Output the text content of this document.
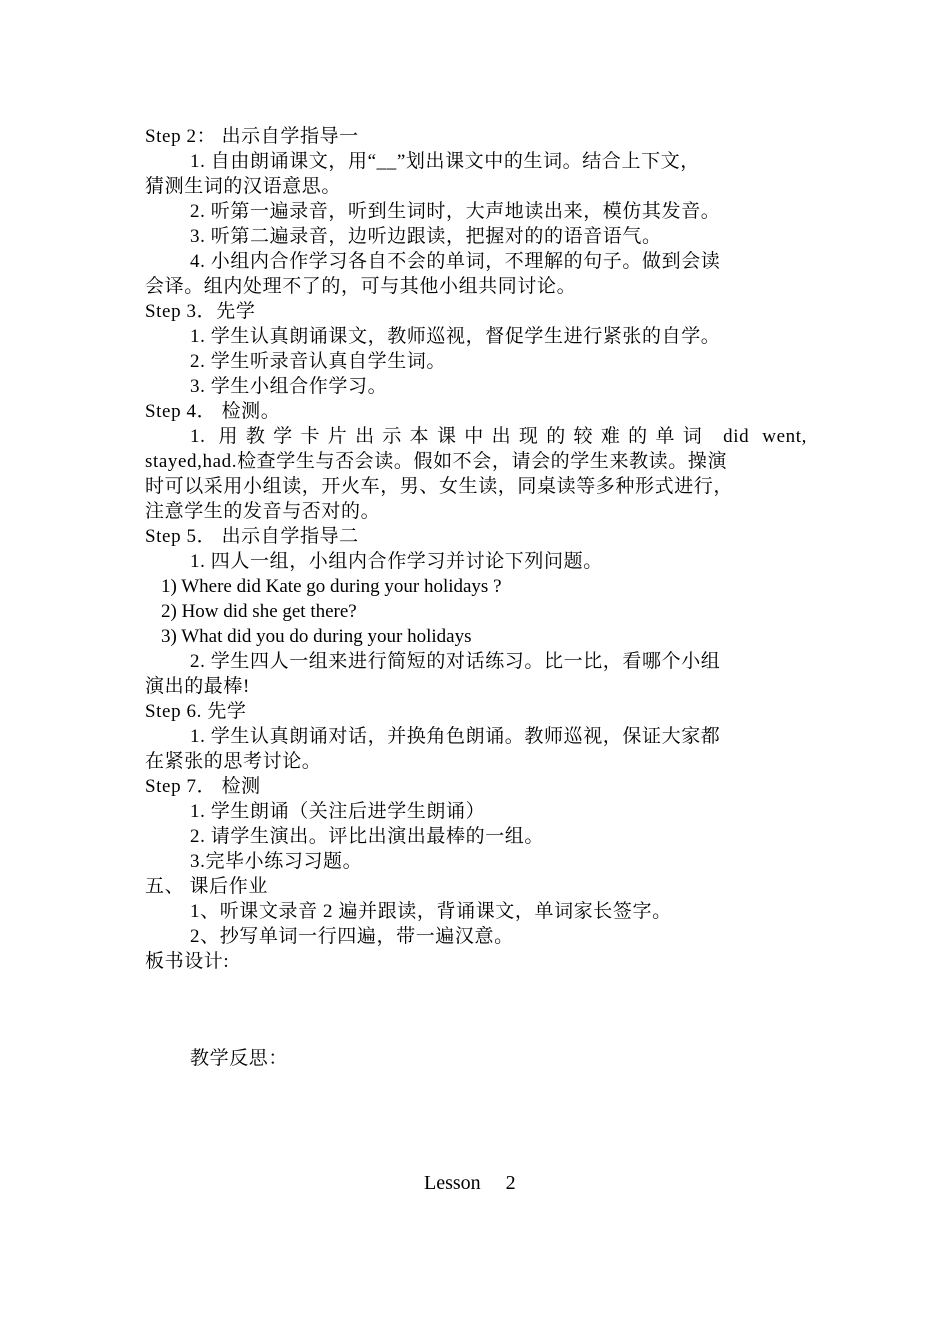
Step 2： 出示自学指导一
1. 自由朗诵课文，用“__”划出课文中的生词。结合上下文，
猜测生词的汉语意思。
2. 听第一遍录音，听到生词时，大声地读出来，模仿其发音。
3. 听第二遍录音，边听边跟读，把握对的的语音语气。
4. 小组内合作学习各自不会的单词，不理解的句子。做到会读
会译。组内处理不了的，可与其他小组共同讨论。
Step 3．先学
1. 学生认真朗诵课文，教师巡视，督促学生进行紧张的自学。
2. 学生听录音认真自学生词。
3. 学生小组合作学习。
Step 4． 检测。
1. 用教学卡片出示本课中出现的较难的单词 did went,
stayed,had.检查学生与否会读。假如不会，请会的学生来教读。操演
时可以采用小组读，开火车，男、女生读，同桌读等多种形式进行，
注意学生的发音与否对的。
Step 5． 出示自学指导二
1. 四人一组，小组内合作学习并讨论下列问题。
1) Where did Kate go during your holidays ?
2) How did she get there?
3) What did you do during your holidays
2. 学生四人一组来进行简短的对话练习。比一比，看哪个小组
演出的最棒!
Step 6. 先学
1. 学生认真朗诵对话，并换角色朗诵。教师巡视，保证大家都
在紧张的思考讨论。
Step 7． 检测
1. 学生朗诵（关注后进学生朗诵）
2. 请学生演出。评比出演出最棒的一组。
3.完毕小练习习题。
五、 课后作业
1、听课文录音 2 遍并跟读，背诵课文，单词家长签字。
2、抄写单词一行四遍，带一遍汉意。
板书设计:
教学反思：
Lesson     2
